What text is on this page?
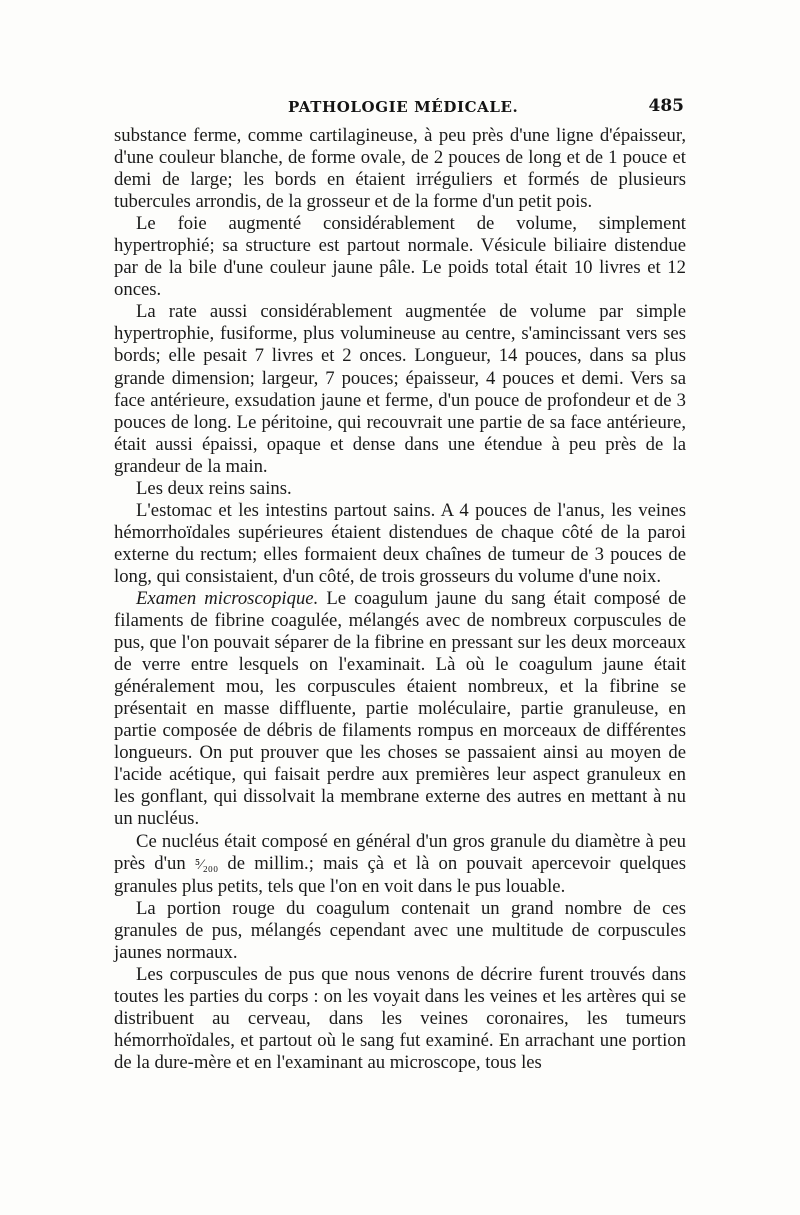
PATHOLOGIE MÉDICALE.	485

substance ferme, comme cartilagineuse, à peu près d'une ligne d'épaisseur, d'une couleur blanche, de forme ovale, de 2 pouces de long et de 1 pouce et demi de large; les bords en étaient irréguliers et formés de plusieurs tubercules arrondis, de la grosseur et de la forme d'un petit pois.

Le foie augmenté considérablement de volume, simplement hypertrophié; sa structure est partout normale. Vésicule biliaire distendue par de la bile d'une couleur jaune pâle. Le poids total était 10 livres et 12 onces.

La rate aussi considérablement augmentée de volume par simple hypertrophie, fusiforme, plus volumineuse au centre, s'amincissant vers ses bords; elle pesait 7 livres et 2 onces. Longueur, 14 pouces, dans sa plus grande dimension; largeur, 7 pouces; épaisseur, 4 pouces et demi. Vers sa face antérieure, exsudation jaune et ferme, d'un pouce de profondeur et de 3 pouces de long. Le péritoine, qui recouvrait une partie de sa face antérieure, était aussi épaissi, opaque et dense dans une étendue à peu près de la grandeur de la main.

Les deux reins sains.

L'estomac et les intestins partout sains. A 4 pouces de l'anus, les veines hémorrhoïdales supérieures étaient distendues de chaque côté de la paroi externe du rectum; elles formaient deux chaînes de tumeur de 3 pouces de long, qui consistaient, d'un côté, de trois grosseurs du volume d'une noix.

Examen microscopique. Le coagulum jaune du sang était composé de filaments de fibrine coagulée, mélangés avec de nombreux corpuscules de pus, que l'on pouvait séparer de la fibrine en pressant sur les deux morceaux de verre entre lesquels on l'examinait. Là où le coagulum jaune était généralement mou, les corpuscules étaient nombreux, et la fibrine se présentait en masse diffluente, partie moléculaire, partie granuleuse, en partie composée de débris de filaments rompus en morceaux de différentes longueurs. On put prouver que les choses se passaient ainsi au moyen de l'acide acétique, qui faisait perdre aux premières leur aspect granuleux en les gonflant, qui dissolvait la membrane externe des autres en mettant à nu un nucléus.

Ce nucléus était composé en général d'un gros granule du diamètre à peu près d'un ⁵⁄₂₀₀ de millim.; mais çà et là on pouvait apercevoir quelques granules plus petits, tels que l'on en voit dans le pus louable.

La portion rouge du coagulum contenait un grand nombre de ces granules de pus, mélangés cependant avec une multitude de corpuscules jaunes normaux.

Les corpuscules de pus que nous venons de décrire furent trouvés dans toutes les parties du corps : on les voyait dans les veines et les artères qui se distribuent au cerveau, dans les veines coronaires, les tumeurs hémorrhoïdales, et partout où le sang fut examiné. En arrachant une portion de la dure-mère et en l'examinant au microscope, tous les
